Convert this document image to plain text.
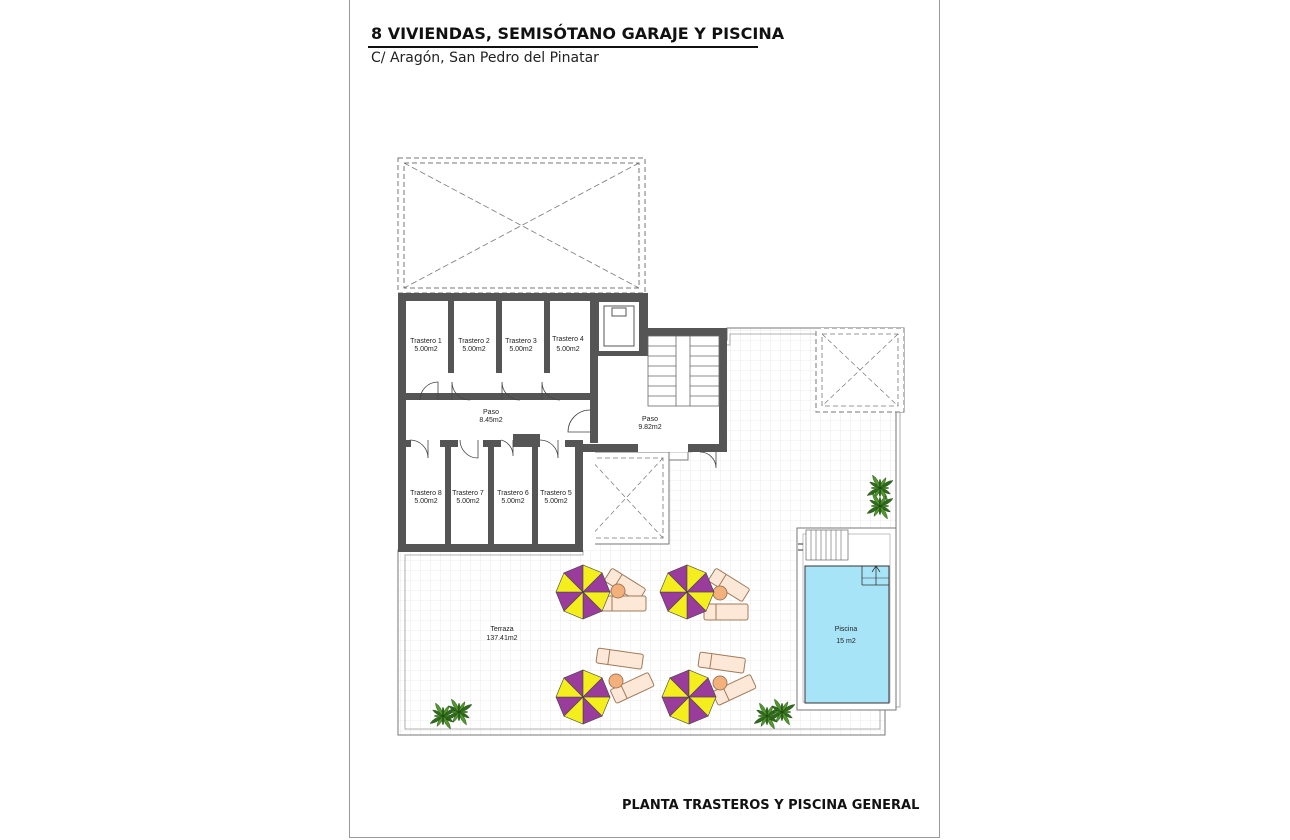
8 VIVIENDAS, SEMISÓTANO GARAJE Y PISCINA
C/ Aragón, San Pedro del Pinatar
Trastero 1
5.00m2
Trastero 2
5.00m2
Trastero 3
5.00m2
Trastero 4
5.00m2
Paso
8.45m2	Paso
9.82m2
Trastero 8
5.00m2
Trastero 7
5.00m2
Trastero 6
5.00m2
Trastero 5
5.00m2
Terraza
137.41m2
Piscina
15 m2
PLANTA TRASTEROS Y PISCINA GENERAL
